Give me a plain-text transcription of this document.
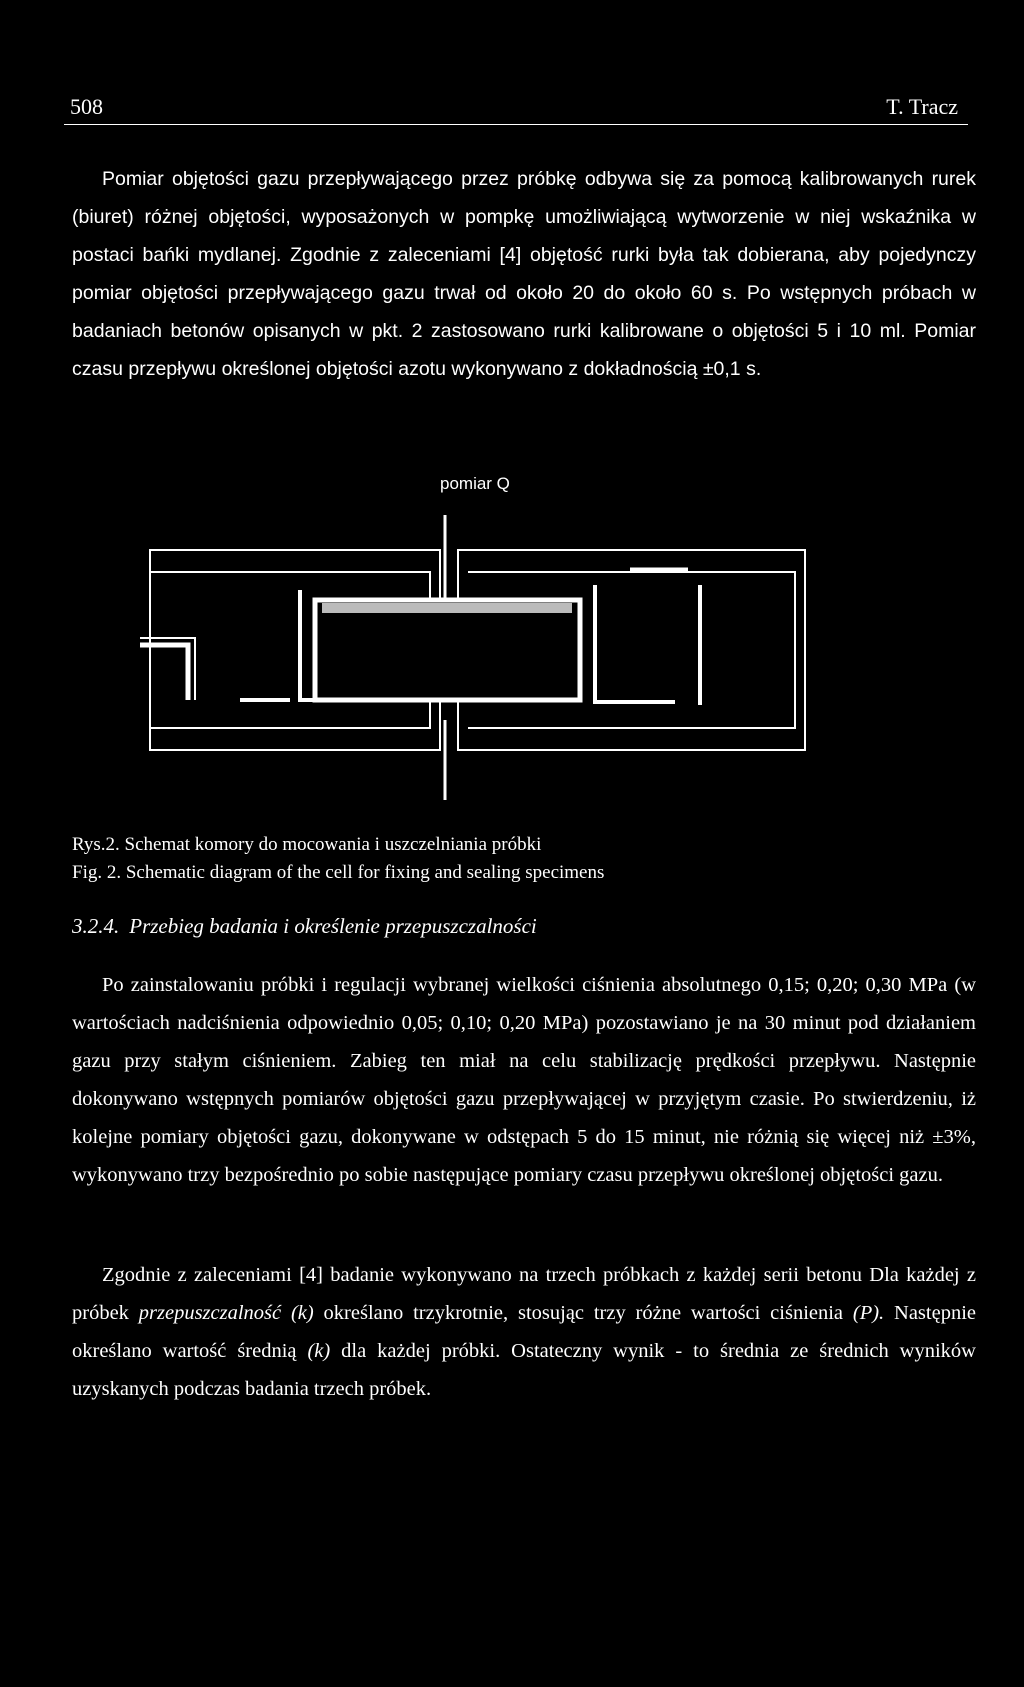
508	T. Tracz

Pomiar objętości gazu przepływającego przez próbkę odbywa się za pomocą kalibrowanych rurek (biuret) różnej objętości, wyposażonych w pompkę umożliwiającą wytworzenie w niej wskaźnika w postaci bańki mydlanej. Zgodnie z zaleceniami [4] objętość rurki była tak dobierana, aby pojedynczy pomiar objętości przepływającego gazu trwał od około 20 do około 60 s. Po wstępnych próbach w badaniach betonów opisanych w pkt. 2 zastosowano rurki kalibrowane o objętości 5 i 10 ml. Pomiar czasu przepływu określonej objętości azotu wykonywano z dokładnością ±0,1 s.

pomiar Q
Rys.2. Schemat komory do mocowania i uszczelniania próbki
Fig. 2. Schematic diagram of the cell for fixing and sealing specimens
3.2.4. Przebieg badania i określenie przepuszczalności

Po zainstalowaniu próbki i regulacji wybranej wielkości ciśnienia absolutnego 0,15; 0,20; 0,30 MPa (w wartościach nadciśnienia odpowiednio 0,05; 0,10; 0,20 MPa) pozostawiano je na 30 minut pod działaniem gazu przy stałym ciśnieniem. Zabieg ten miał na celu stabilizację prędkości przepływu. Następnie dokonywano wstępnych pomiarów objętości gazu przepływającej w przyjętym czasie. Po stwierdzeniu, iż kolejne pomiary objętości gazu, dokonywane w odstępach 5 do 15 minut, nie różnią się więcej niż ±3%, wykonywano trzy bezpośrednio po sobie następujące pomiary czasu przepływu określonej objętości gazu.

Zgodnie z zaleceniami [4] badanie wykonywano na trzech próbkach z każdej serii betonu Dla każdej z próbek przepuszczalność (k) określano trzykrotnie, stosując trzy różne wartości ciśnienia (P). Następnie określano wartość średnią (k) dla każdej próbki. Ostateczny wynik - to średnia ze średnich wyników uzyskanych podczas badania trzech próbek.
